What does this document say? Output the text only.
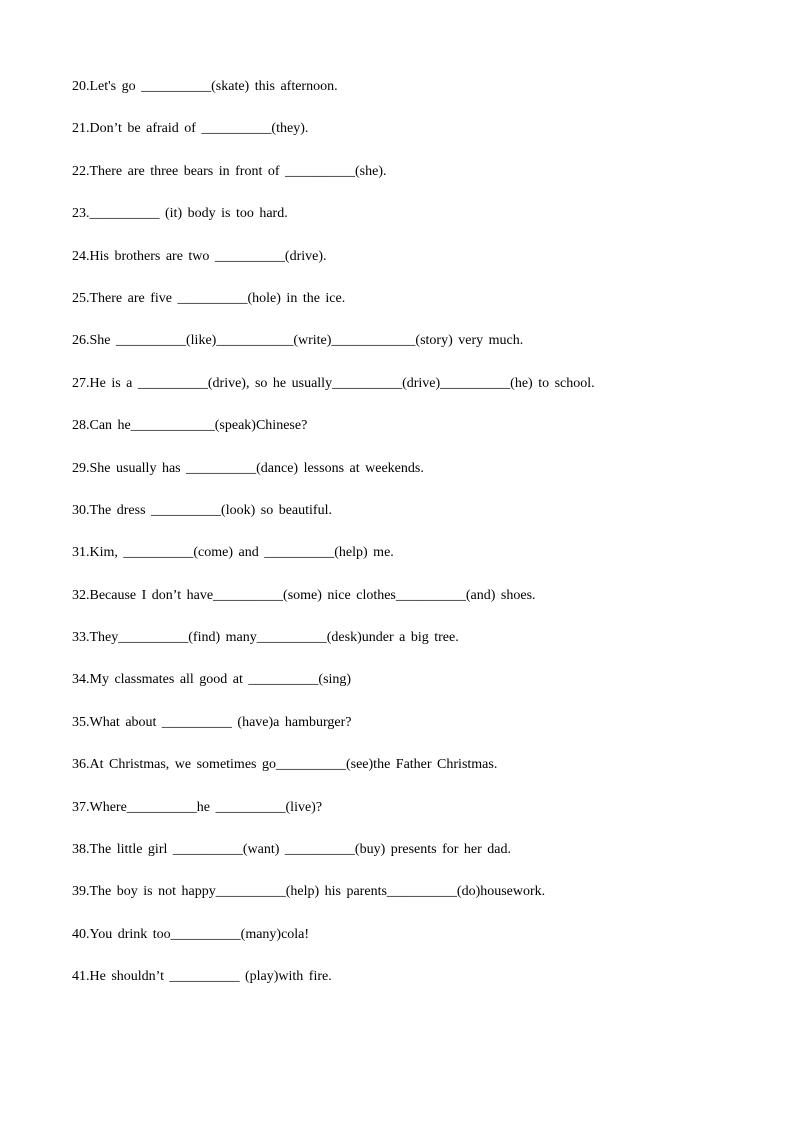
20.Let's go __________(skate) this afternoon.
21.Don’t be afraid of __________(they).
22.There are three bears in front of __________(she).
23.__________ (it) body is too hard.
24.His brothers are two __________(drive).
25.There are five __________(hole) in the ice.
26.She __________(like)___________(write)____________(story) very much.
27.He is a __________(drive), so he usually__________(drive)__________(he) to school.
28.Can he____________(speak)Chinese?
29.She usually has __________(dance) lessons at weekends.
30.The dress __________(look) so beautiful.
31.Kim, __________(come) and __________(help) me.
32.Because I don’t have__________(some) nice clothes__________(and) shoes.
33.They__________(find) many__________(desk)under a big tree.
34.My classmates all good at __________(sing)
35.What about __________ (have)a hamburger?
36.At Christmas, we sometimes go__________(see)the Father Christmas.
37.Where__________he __________(live)?
38.The little girl __________(want) __________(buy) presents for her dad.
39.The boy is not happy__________(help) his parents__________(do)housework.
40.You drink too__________(many)cola!
41.He shouldn’t __________ (play)with fire.
